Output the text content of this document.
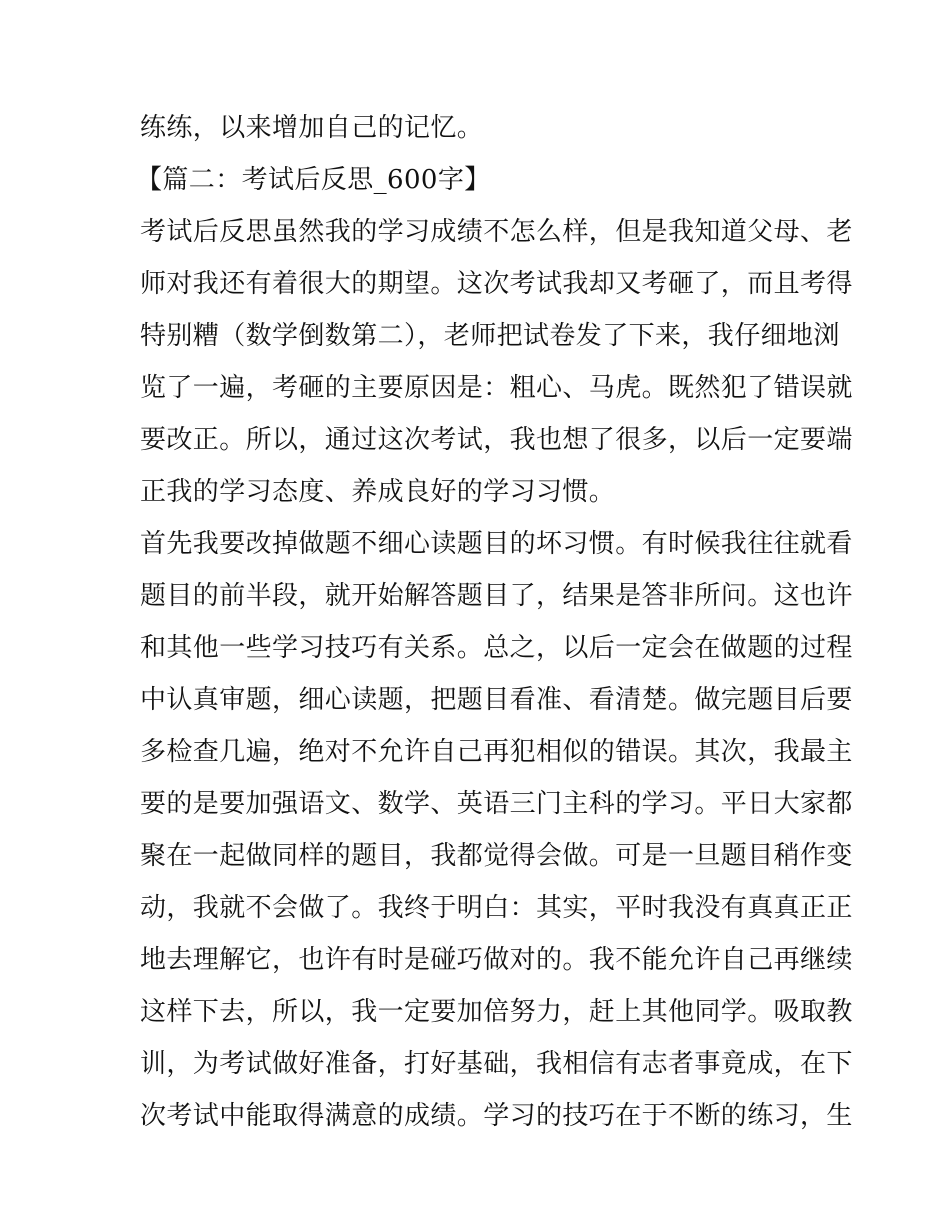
练练，以来增加自己的记忆。
【篇二：考试后反思_600字】
考试后反思虽然我的学习成绩不怎么样，但是我知道父母、老
师对我还有着很大的期望。这次考试我却又考砸了，而且考得
特别糟（数学倒数第二），老师把试卷发了下来，我仔细地浏
览了一遍，考砸的主要原因是：粗心、马虎。既然犯了错误就
要改正。所以，通过这次考试，我也想了很多，以后一定要端
正我的学习态度、养成良好的学习习惯。
首先我要改掉做题不细心读题目的坏习惯。有时候我往往就看
题目的前半段，就开始解答题目了，结果是答非所问。这也许
和其他一些学习技巧有关系。总之，以后一定会在做题的过程
中认真审题，细心读题，把题目看准、看清楚。做完题目后要
多检查几遍，绝对不允许自己再犯相似的错误。其次，我最主
要的是要加强语文、数学、英语三门主科的学习。平日大家都
聚在一起做同样的题目，我都觉得会做。可是一旦题目稍作变
动，我就不会做了。我终于明白：其实，平时我没有真真正正
地去理解它，也许有时是碰巧做对的。我不能允许自己再继续
这样下去，所以，我一定要加倍努力，赶上其他同学。吸取教
训，为考试做好准备，打好基础，我相信有志者事竟成，在下
次考试中能取得满意的成绩。学习的技巧在于不断的练习，生
